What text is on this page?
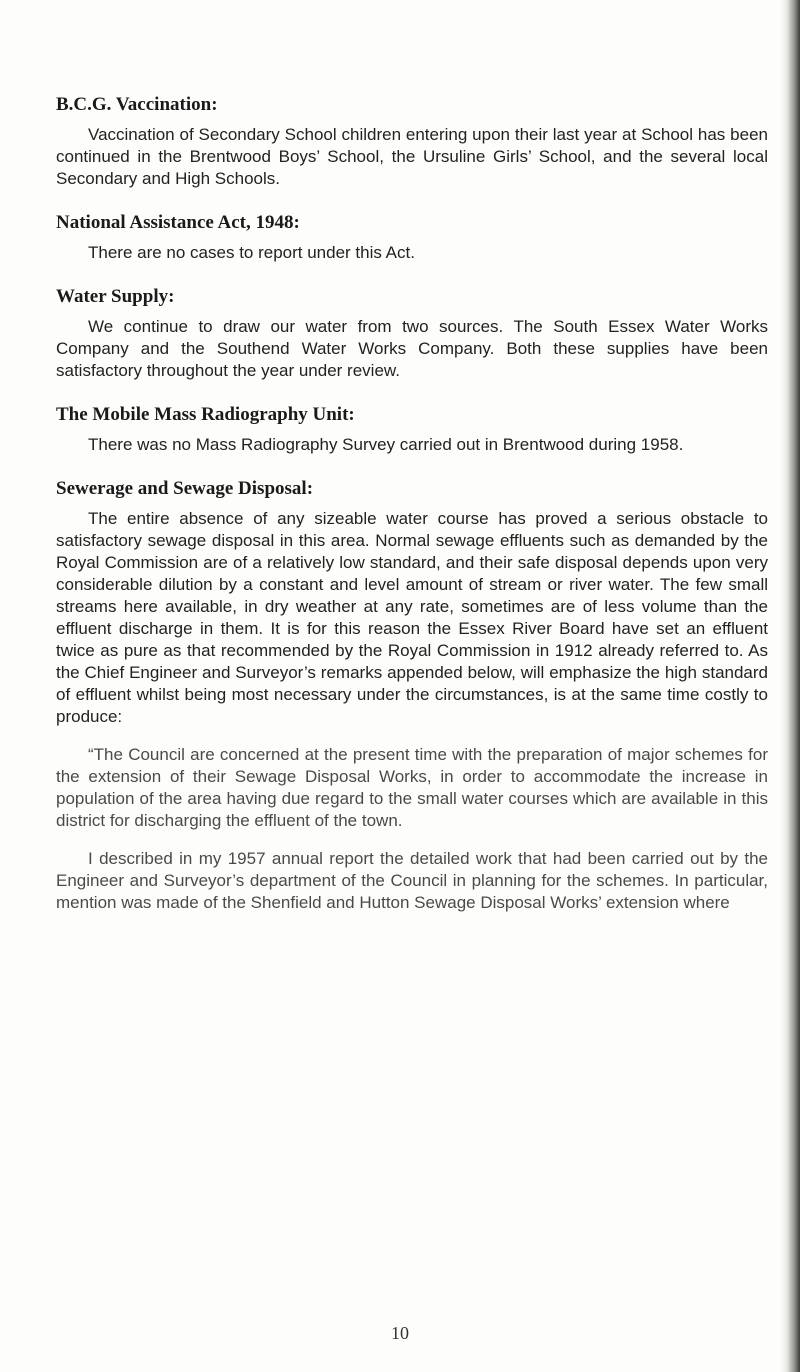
B.C.G. Vaccination:

Vaccination of Secondary School children entering upon their last year at School has been continued in the Brentwood Boys’ School, the Ursuline Girls’ School, and the several local Secondary and High Schools.

National Assistance Act, 1948:

There are no cases to report under this Act.

Water Supply:

We continue to draw our water from two sources. The South Essex Water Works Company and the Southend Water Works Company. Both these supplies have been satisfactory throughout the year under review.

The Mobile Mass Radiography Unit:

There was no Mass Radiography Survey carried out in Brentwood during 1958.

Sewerage and Sewage Disposal:

The entire absence of any sizeable water course has proved a serious obstacle to satisfactory sewage disposal in this area. Normal sewage effluents such as demanded by the Royal Commission are of a relatively low standard, and their safe disposal depends upon very considerable dilution by a constant and level amount of stream or river water. The few small streams here available, in dry weather at any rate, sometimes are of less volume than the effluent discharge in them. It is for this reason the Essex River Board have set an effluent twice as pure as that recommended by the Royal Commission in 1912 already referred to. As the Chief Engineer and Surveyor’s remarks appended below, will emphasize the high standard of effluent whilst being most necessary under the circumstances, is at the same time costly to produce:

“The Council are concerned at the present time with the preparation of major schemes for the extension of their Sewage Disposal Works, in order to accommodate the increase in population of the area having due regard to the small water courses which are available in this district for discharging the effluent of the town.

I described in my 1957 annual report the detailed work that had been carried out by the Engineer and Surveyor’s department of the Council in planning for the schemes. In particular, mention was made of the Shenfield and Hutton Sewage Disposal Works’ extension where

10
